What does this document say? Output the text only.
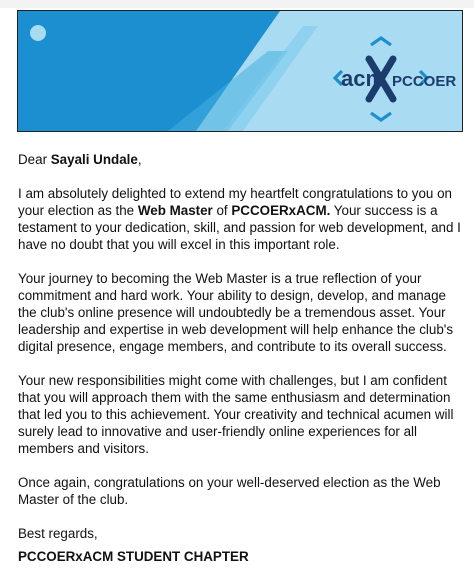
acm PCCOER

Dear Sayali Undale,

I am absolutely delighted to extend my heartfelt congratulations to you on your election as the Web Master of PCCOERxACM. Your success is a testament to your dedication, skill, and passion for web development, and I have no doubt that you will excel in this important role.

Your journey to becoming the Web Master is a true reflection of your commitment and hard work. Your ability to design, develop, and manage the club's online presence will undoubtedly be a tremendous asset. Your leadership and expertise in web development will help enhance the club's digital presence, engage members, and contribute to its overall success.

Your new responsibilities might come with challenges, but I am confident that you will approach them with the same enthusiasm and determination that led you to this achievement. Your creativity and technical acumen will surely lead to innovative and user-friendly online experiences for all members and visitors.

Once again, congratulations on your well-deserved election as the Web Master of the club.

Best regards,

PCCOERxACM STUDENT CHAPTER
